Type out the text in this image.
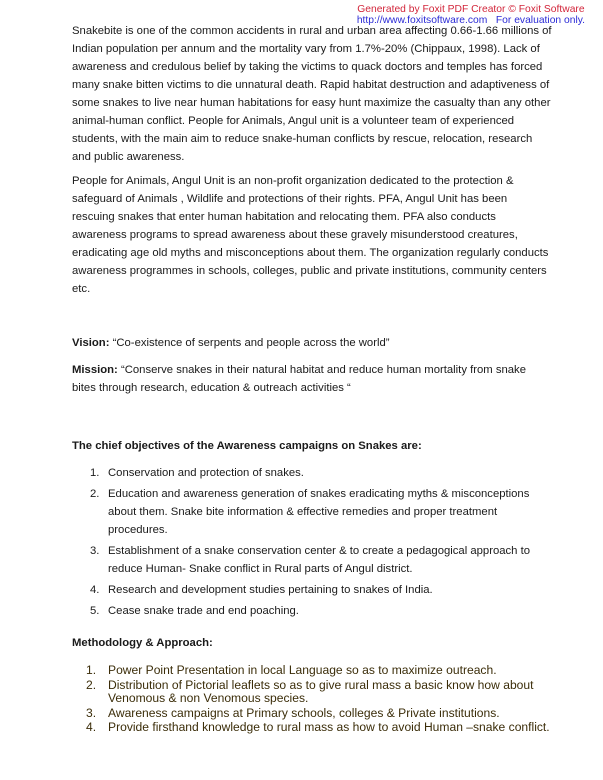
Generated by Foxit PDF Creator © Foxit Software
http://www.foxitsoftware.com For evaluation only.

Snakebite is one of the common accidents in rural and urban area affecting 0.66-1.66 millions of Indian population per annum and the mortality vary from 1.7%-20% (Chippaux, 1998). Lack of awareness and credulous belief by taking the victims to quack doctors and temples has forced many snake bitten victims to die unnatural death. Rapid habitat destruction and adaptiveness of some snakes to live near human habitations for easy hunt maximize the casualty than any other animal-human conflict. People for Animals, Angul unit is a volunteer team of experienced students, with the main aim to reduce snake-human conflicts by rescue, relocation, research and public awareness.

People for Animals, Angul Unit is an non-profit organization dedicated to the protection & safeguard of Animals , Wildlife and protections of their rights. PFA, Angul Unit has been rescuing snakes that enter human habitation and relocating them. PFA also conducts awareness programs to spread awareness about these gravely misunderstood creatures, eradicating age old myths and misconceptions about them. The organization regularly conducts awareness programmes in schools, colleges, public and private institutions, community centers etc.

Vision: “Co-existence of serpents and people across the world”

Mission: “Conserve snakes in their natural habitat and reduce human mortality from snake bites through research, education & outreach activities “

The chief objectives of the Awareness campaigns on Snakes are:

1. Conservation and protection of snakes.
2. Education and awareness generation of snakes eradicating myths & misconceptions about them. Snake bite information & effective remedies and proper treatment procedures.
3. Establishment of a snake conservation center & to create a pedagogical approach to reduce Human- Snake conflict in Rural parts of Angul district.
4. Research and development studies pertaining to snakes of India.
5. Cease snake trade and end poaching.

Methodology & Approach:

1. Power Point Presentation in local Language so as to maximize outreach.
2. Distribution of Pictorial leaflets so as to give rural mass a basic know how about Venomous & non Venomous species.
3. Awareness campaigns at Primary schools, colleges & Private institutions.
4. Provide firsthand knowledge to rural mass as how to avoid Human –snake conflict.
